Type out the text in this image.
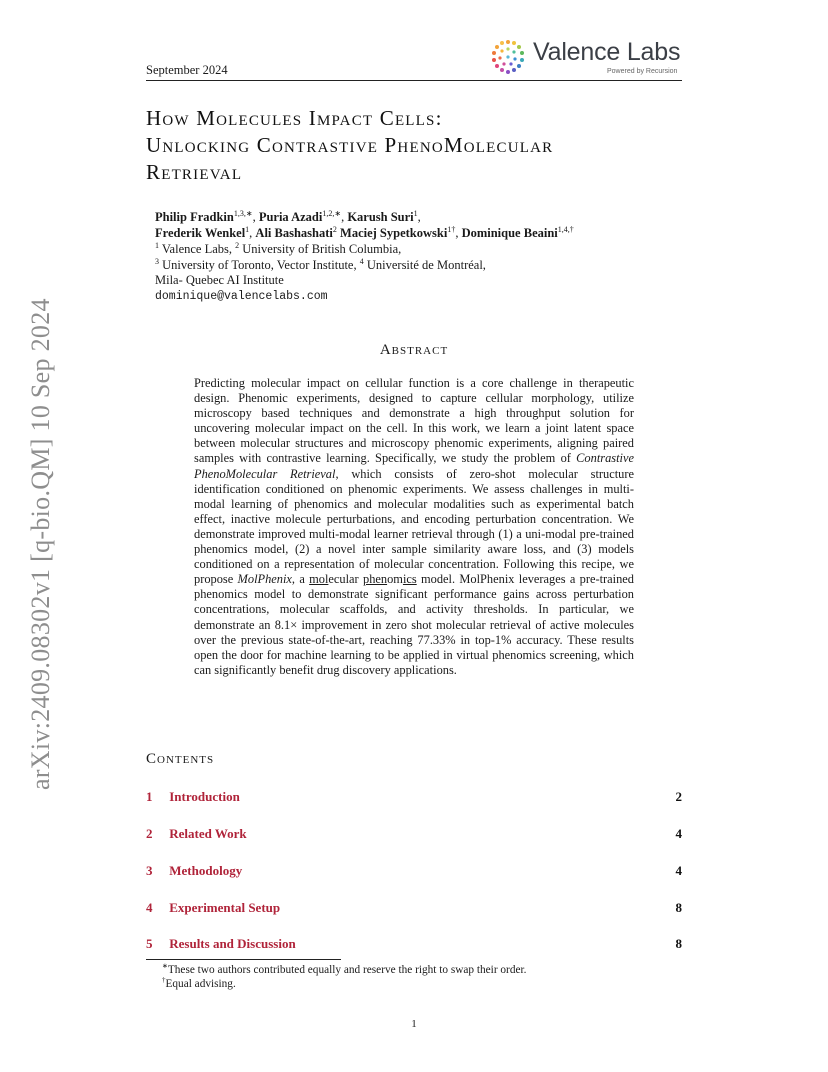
arXiv:2409.08302v1 [q-bio.QM] 10 Sep 2024
September 2024
Valence Labs
Powered by Recursion
How Molecules Impact Cells:
Unlocking Contrastive PhenoMolecular
Retrieval
Philip Fradkin$^{1,3,∗}$, Puria Azadi$^{1,2,∗}$, Karush Suri$^1$,
Frederik Wenkel$^1$, Ali Bashashati$^2$ Maciej Sypetkowski$^{1\dagger}$, Dominique Beaini$^{1,4,\dagger}$
$^1$ Valence Labs, $^2$ University of British Columbia,
$^3$ University of Toronto, Vector Institute, $^4$ Université de Montréal,
Mila- Quebec AI Institute
dominique@valencelabs.com
Abstract
Predicting molecular impact on cellular function is a core challenge in therapeutic design. Phenomic experiments, designed to capture cellular morphology, utilize microscopy based techniques and demonstrate a high throughput solution for uncovering molecular impact on the cell. In this work, we learn a joint latent space between molecular structures and microscopy phenomic experiments, aligning paired samples with contrastive learning. Specifically, we study the problem of Contrastive PhenoMolecular Retrieval, which consists of zero-shot molecular structure identification conditioned on phenomic experiments. We assess challenges in multi-modal learning of phenomics and molecular modalities such as experimental batch effect, inactive molecule perturbations, and encoding perturbation concentration. We demonstrate improved multi-modal learner retrieval through (1) a uni-modal pre-trained phenomics model, (2) a novel inter sample similarity aware loss, and (3) models conditioned on a representation of molecular concentration. Following this recipe, we propose MolPhenix, a molecular phenomics model. MolPhenix leverages a pre-trained phenomics model to demonstrate significant performance gains across perturbation concentrations, molecular scaffolds, and activity thresholds. In particular, we demonstrate an 8.1× improvement in zero shot molecular retrieval of active molecules over the previous state-of-the-art, reaching 77.33% in top-1% accuracy. These results open the door for machine learning to be applied in virtual phenomics screening, which can significantly benefit drug discovery applications.
Contents
1 Introduction	2
2 Related Work	4
3 Methodology	4
4 Experimental Setup	8
5 Results and Discussion	8
∗These two authors contributed equally and reserve the right to swap their order.
†Equal advising.
1
